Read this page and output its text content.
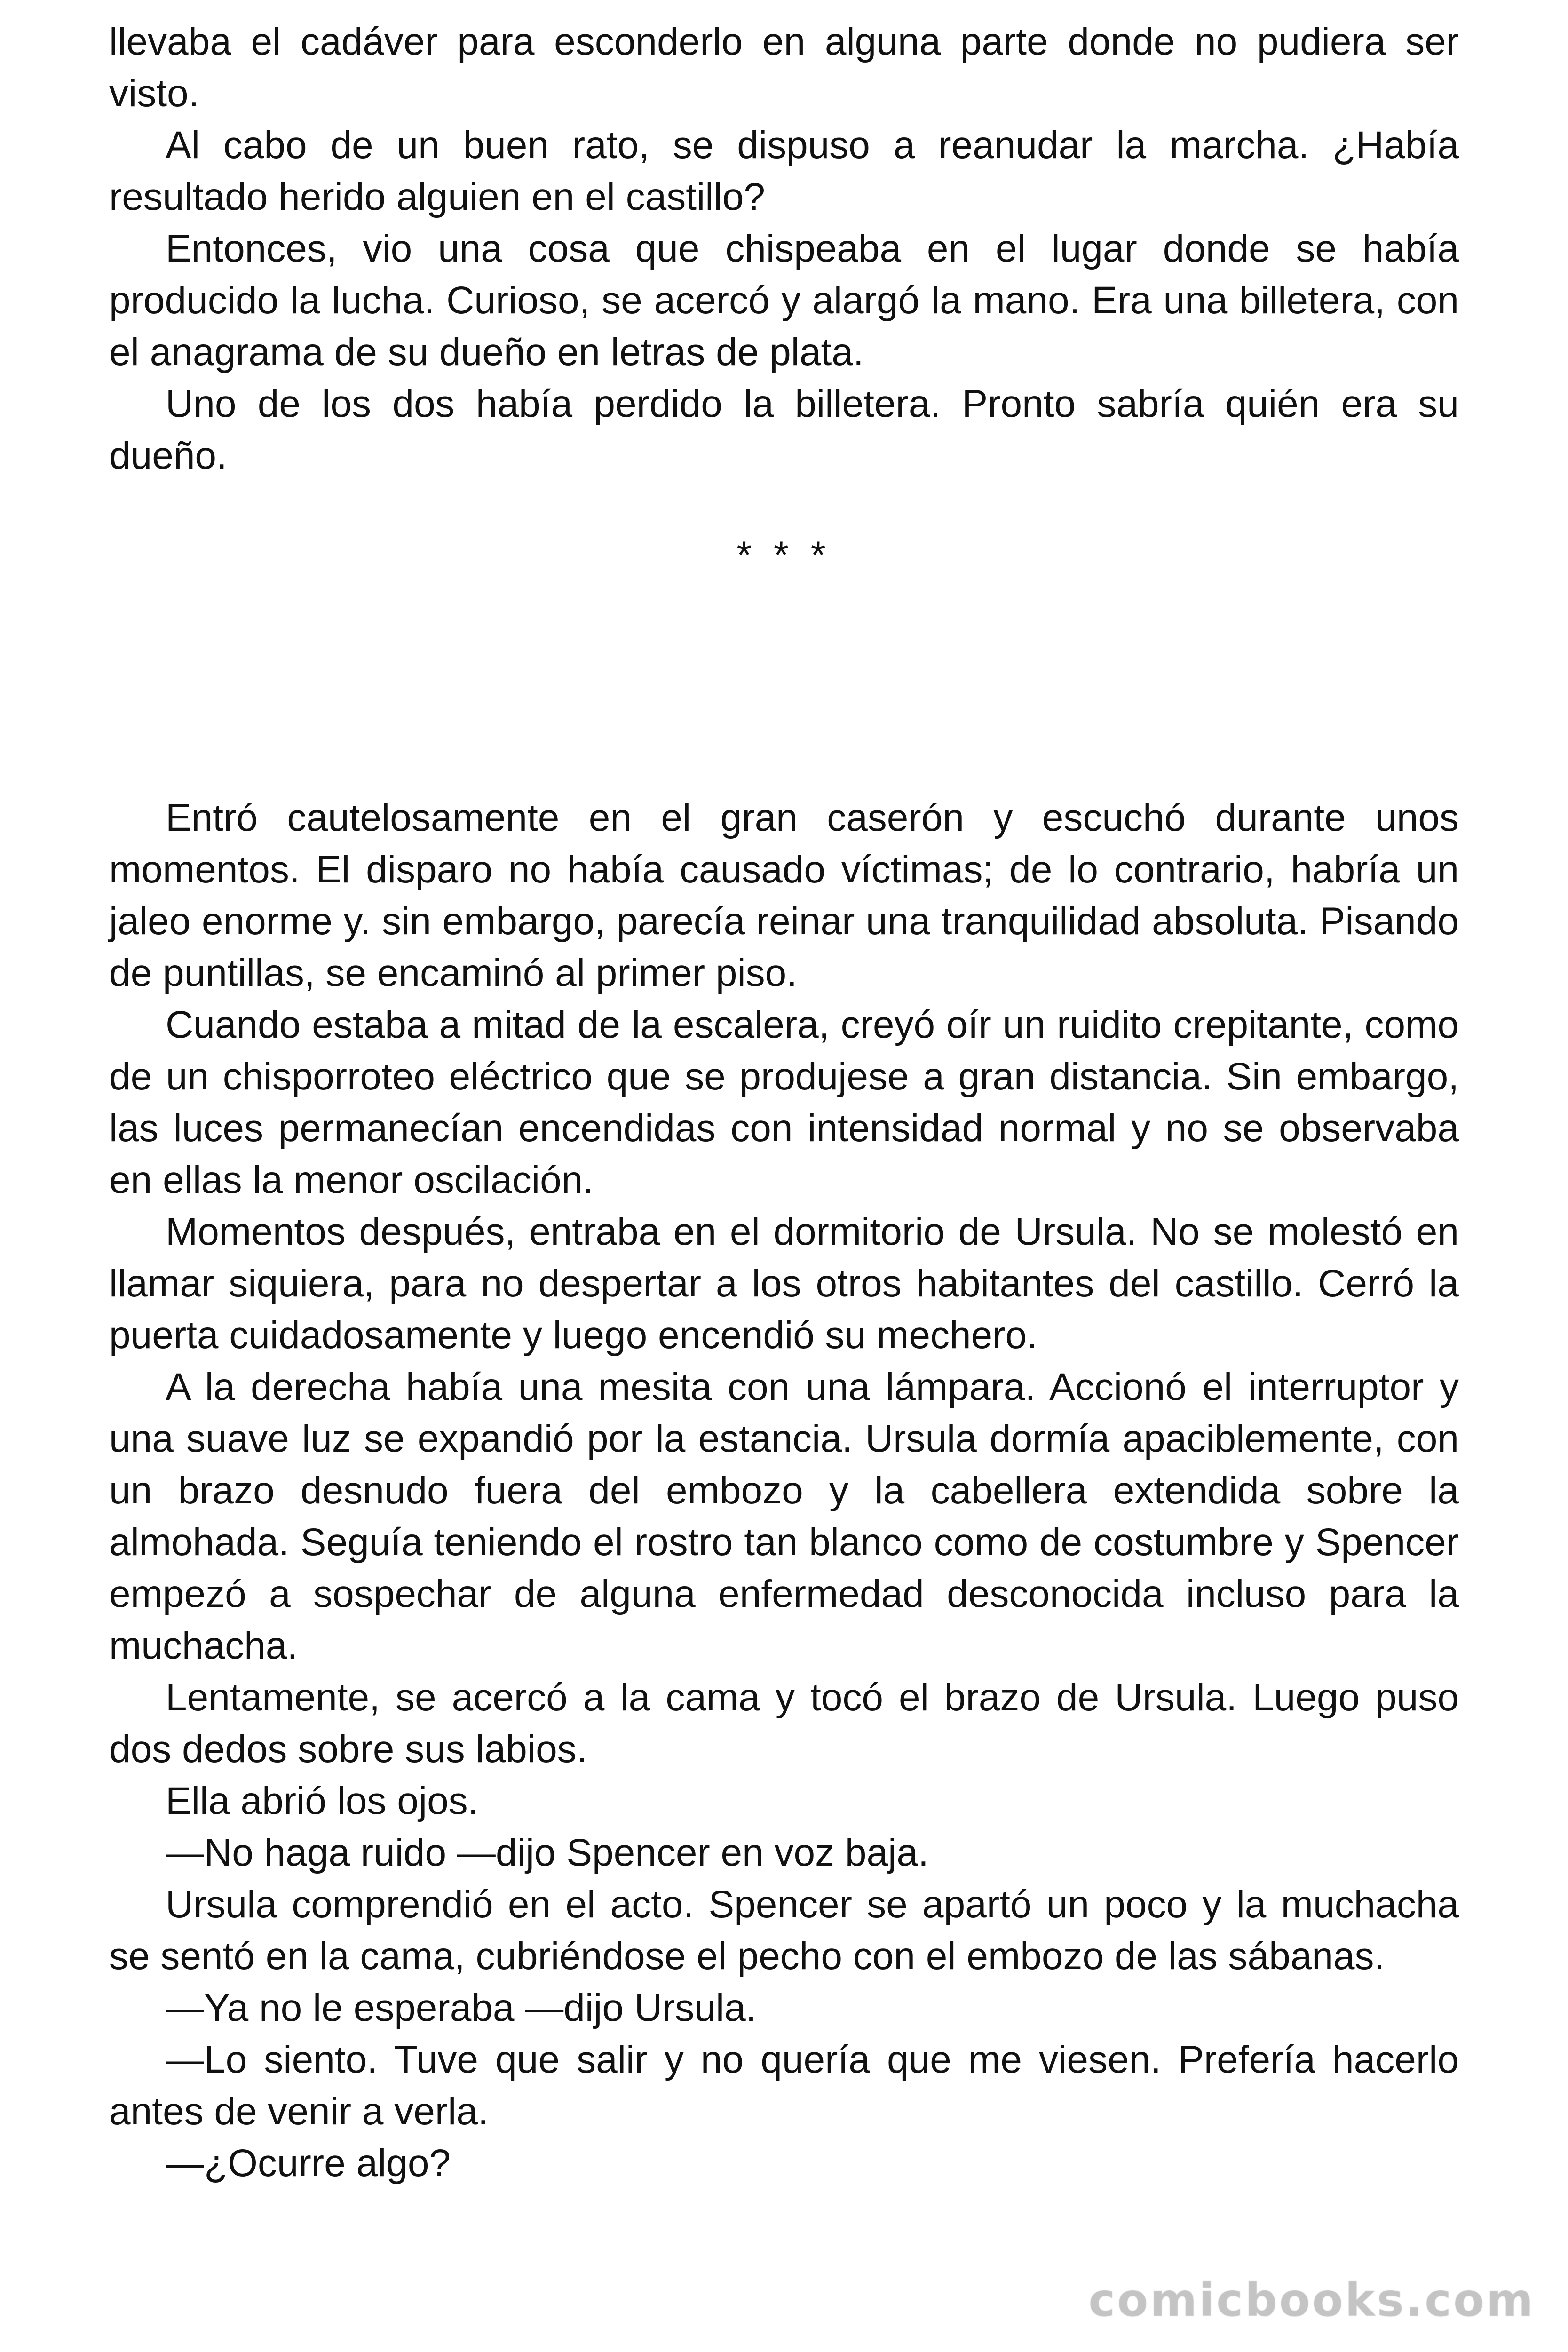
llevaba el cadáver para esconderlo en alguna parte donde no pudiera ser visto.

Al cabo de un buen rato, se dispuso a reanudar la marcha. ¿Había resultado herido alguien en el castillo?

Entonces, vio una cosa que chispeaba en el lugar donde se había producido la lucha. Curioso, se acercó y alargó la mano. Era una billetera, con el anagrama de su dueño en letras de plata.

Uno de los dos había perdido la billetera. Pronto sabría quién era su dueño.

* * *

Entró cautelosamente en el gran caserón y escuchó durante unos momentos. El disparo no había causado víctimas; de lo contrario, habría un jaleo enorme y. sin embargo, parecía reinar una tranquilidad absoluta. Pisando de puntillas, se encaminó al primer piso.

Cuando estaba a mitad de la escalera, creyó oír un ruidito crepitante, como de un chisporroteo eléctrico que se produjese a gran distancia. Sin embargo, las luces permanecían encendidas con intensidad normal y no se observaba en ellas la menor oscilación.

Momentos después, entraba en el dormitorio de Ursula. No se molestó en llamar siquiera, para no despertar a los otros habitantes del castillo. Cerró la puerta cuidadosamente y luego encendió su mechero.

A la derecha había una mesita con una lámpara. Accionó el interruptor y una suave luz se expandió por la estancia. Ursula dormía apaciblemente, con un brazo desnudo fuera del embozo y la cabellera extendida sobre la almohada. Seguía teniendo el rostro tan blanco como de costumbre y Spencer empezó a sospechar de alguna enfermedad desconocida incluso para la muchacha.

Lentamente, se acercó a la cama y tocó el brazo de Ursula. Luego puso dos dedos sobre sus labios.

Ella abrió los ojos.

—No haga ruido —dijo Spencer en voz baja.

Ursula comprendió en el acto. Spencer se apartó un poco y la muchacha se sentó en la cama, cubriéndose el pecho con el embozo de las sábanas.

—Ya no le esperaba —dijo Ursula.

—Lo siento. Tuve que salir y no quería que me viesen. Prefería hacerlo antes de venir a verla.

—¿Ocurre algo?

comicbooks.com
